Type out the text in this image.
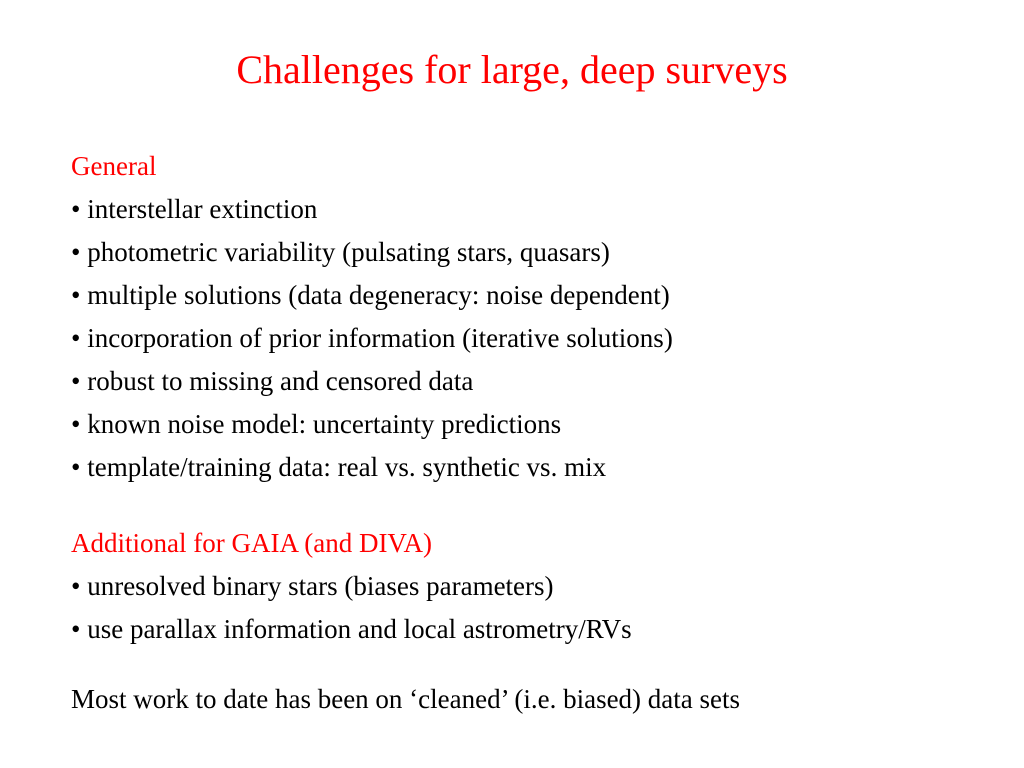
Challenges for large, deep surveys
General
• interstellar extinction
• photometric variability (pulsating stars, quasars)
• multiple solutions (data degeneracy: noise dependent)
• incorporation of prior information (iterative solutions)
• robust to missing and censored data
• known noise model: uncertainty predictions
• template/training data: real vs. synthetic vs. mix
Additional for GAIA (and DIVA)
• unresolved binary stars (biases parameters)
• use parallax information and local astrometry/RVs
Most work to date has been on ‘cleaned’ (i.e. biased) data sets
